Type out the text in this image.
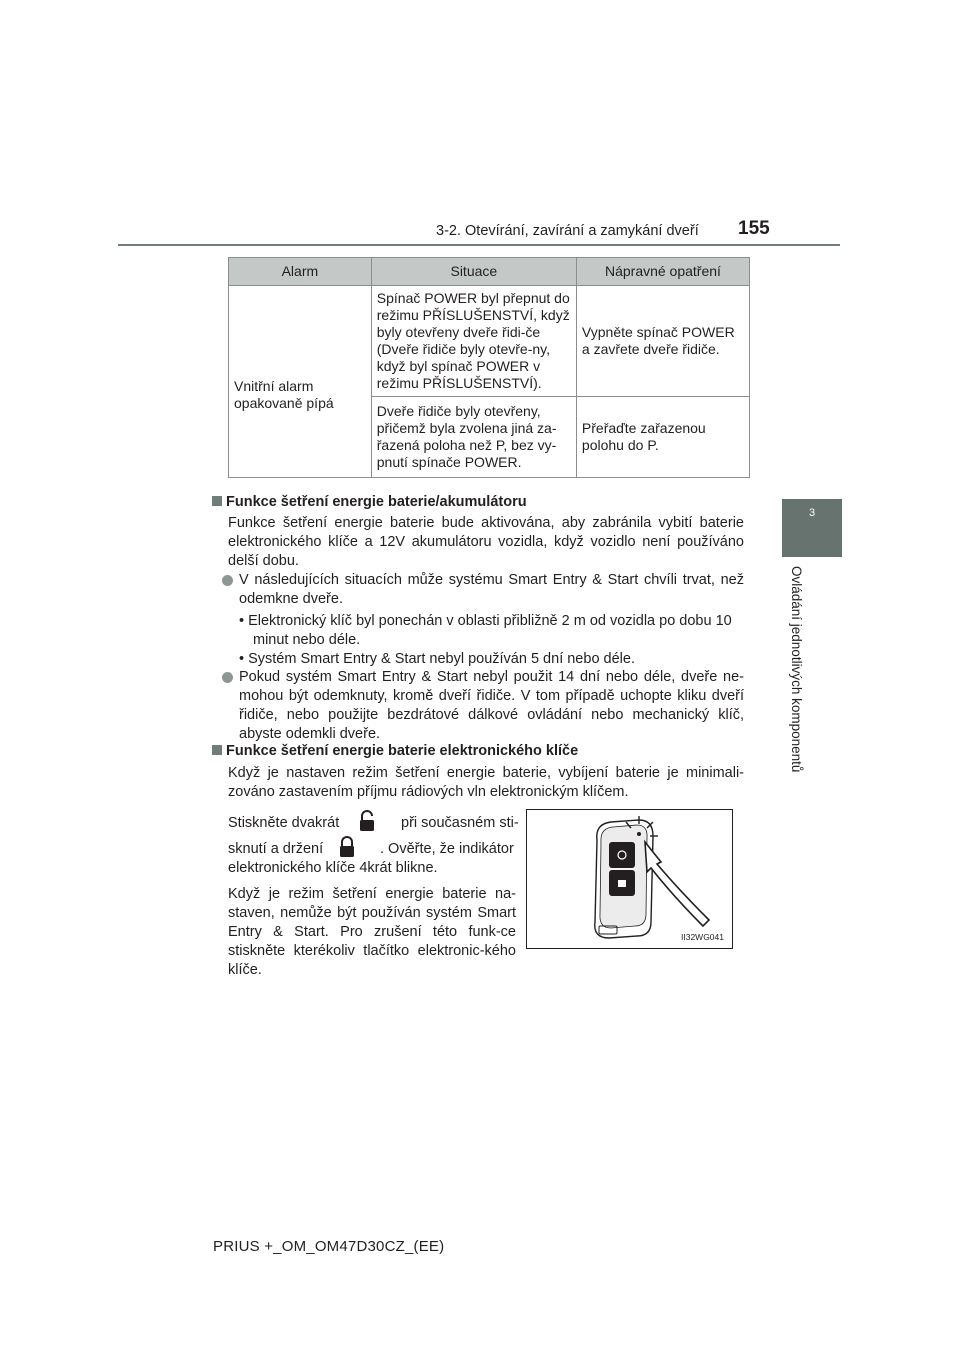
3-2. Otevírání, zavírání a zamykání dveří 155
3
Ovládání jednotlivých komponentů
Alarm	Situace	Nápravné opatření
Vnitřní alarm opakovaně pípá	Spínač POWER byl přepnut do režimu PŘÍSLUŠENSTVÍ, když byly otevřeny dveře řidi-če (Dveře řidiče byly otevře-ny, když byl spínač POWER v režimu PŘÍSLUŠENSTVÍ).	Vypněte spínač POWER a zavřete dveře řidiče.
	Dveře řidiče byly otevřeny, přičemž byla zvolena jiná za-řazená poloha než P, bez vy-pnutí spínače POWER.	Přeřaďte zařazenou polohu do P.
Funkce šetření energie baterie/akumulátoru
Funkce šetření energie baterie bude aktivována, aby zabránila vybití baterie elektronického klíče a 12V akumulátoru vozidla, když vozidlo není používáno delší dobu.
V následujících situacích může systému Smart Entry & Start chvíli trvat, než odemkne dveře.
• Elektronický klíč byl ponechán v oblasti přibližně 2 m od vozidla po dobu 10 minut nebo déle.
• Systém Smart Entry & Start nebyl používán 5 dní nebo déle.
Pokud systém Smart Entry & Start nebyl použit 14 dní nebo déle, dveře ne-mohou být odemknuty, kromě dveří řidiče. V tom případě uchopte kliku dveří řidiče, nebo použijte bezdrátové dálkové ovládání nebo mechanický klíč, abyste odemkli dveře.
Funkce šetření energie baterie elektronického klíče
Když je nastaven režim šetření energie baterie, vybíjení baterie je minimali-zováno zastavením příjmu rádiových vln elektronickým klíčem.
Stiskněte dvakrát	při současném sti-
sknutí a držení	. Ověřte, že indikátor
elektronického klíče 4krát blikne.
Když je režim šetření energie baterie na-staven, nemůže být používán systém Smart Entry & Start. Pro zrušení této funk-ce stiskněte kterékoliv tlačítko elektronic-kého klíče.
II32WG041
PRIUS +_OM_OM47D30CZ_(EE)
